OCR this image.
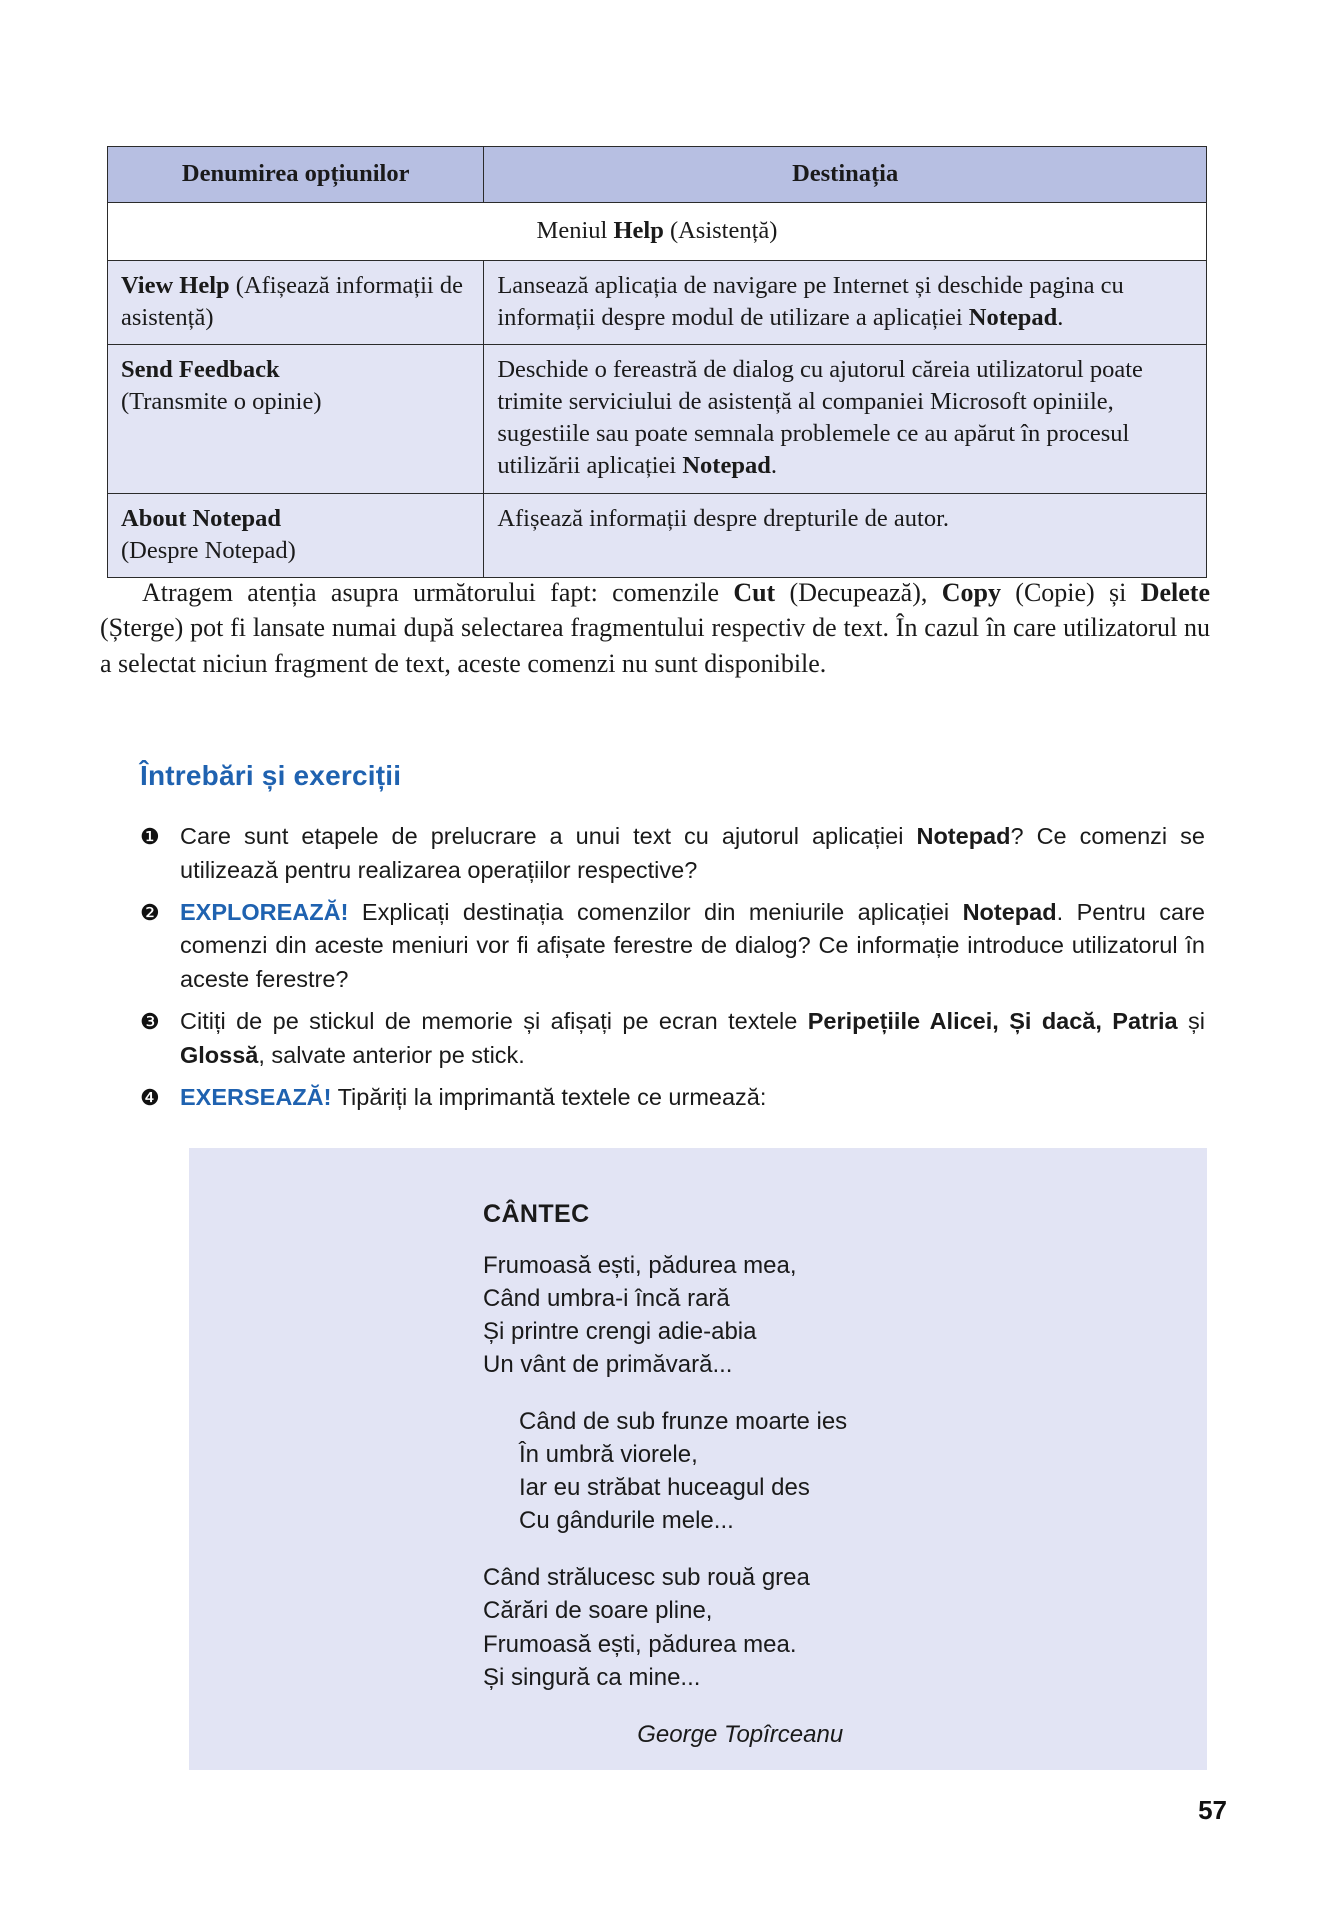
Denumirea opțiunilor	Destinația
Meniul Help (Asistență)	
View Help (Afișează informații de asistență)	Lansează aplicația de navigare pe Internet și deschide pagina cu informații despre modul de utilizare a aplicației Notepad.
Send Feedback
(Transmite o opinie)	Deschide o fereastră de dialog cu ajutorul căreia utilizatorul poate trimite serviciului de asistență al companiei Microsoft opiniile, sugestiile sau poate semnala problemele ce au apărut în procesul utilizării aplicației Notepad.
About Notepad
(Despre Notepad)	Afișează informații despre drepturile de autor.
Atragem atenția asupra următorului fapt: comenzile Cut (Decupează), Copy (Copie) și Delete (Șterge) pot fi lansate numai după selectarea fragmentului respectiv de text. În cazul în care utilizatorul nu a selectat niciun fragment de text, aceste comenzi nu sunt disponibile.
Întrebări și exerciții
❶ Care sunt etapele de prelucrare a unui text cu ajutorul aplicației Notepad? Ce comenzi se utilizează pentru realizarea operațiilor respective?
❷ EXPLOREAZĂ! Explicați destinația comenzilor din meniurile aplicației Notepad. Pentru care comenzi din aceste meniuri vor fi afișate ferestre de dialog? Ce informație introduce utilizatorul în aceste ferestre?
❸ Citiți de pe stickul de memorie și afișați pe ecran textele Peripețiile Alicei, Și dacă, Patria și Glossă, salvate anterior pe stick.
❹ EXERSEAZĂ! Tipăriți la imprimantă textele ce urmează:
CÂNTEC
Frumoasă ești, pădurea mea,
Când umbra-i încă rară
Și printre crengi adie-abia
Un vânt de primăvară...
Când de sub frunze moarte ies
În umbră viorele,
Iar eu străbat huceagul des
Cu gândurile mele...
Când strălucesc sub rouă grea
Cărări de soare pline,
Frumoasă ești, pădurea mea.
Și singură ca mine...
George Topîrceanu
57
